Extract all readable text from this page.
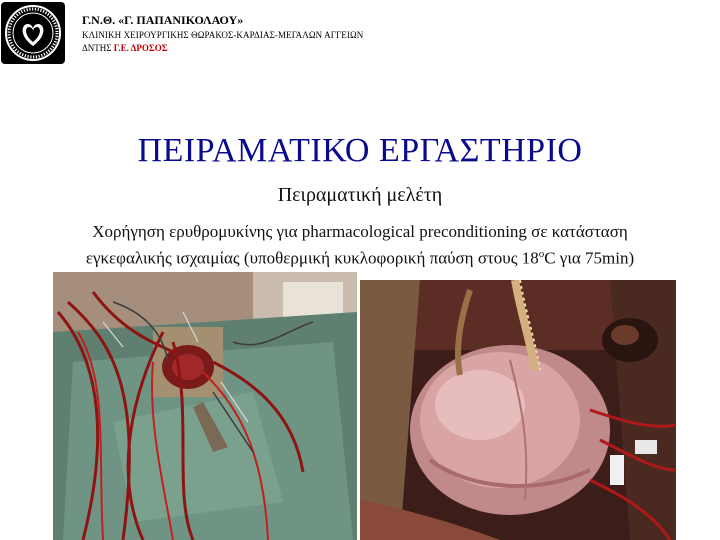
Γ.Ν.Θ. «Γ. ΠΑΠΑΝΙΚΟΛΑΟΥ»
ΚΛΙΝΙΚΗ ΧΕΙΡΟΥΡΓΙΚΗΣ ΘΩΡΑΚΟΣ-ΚΑΡΔΙΑΣ-ΜΕΓΑΛΩΝ ΑΓΓΕΙΩΝ
ΔΝΤΗΣ Γ.Ε. ΔΡΟΣΟΣ
ΠΕΙΡΑΜΑΤΙΚΟ ΕΡΓΑΣΤΗΡΙΟ
Πειραματική μελέτη
Χορήγηση ερυθρομυκίνης για pharmacological preconditioning σε κατάσταση
εγκεφαλικής ισχαιμίας (υποθερμική κυκλοφορική παύση στους $18^oC$ για 75min)
